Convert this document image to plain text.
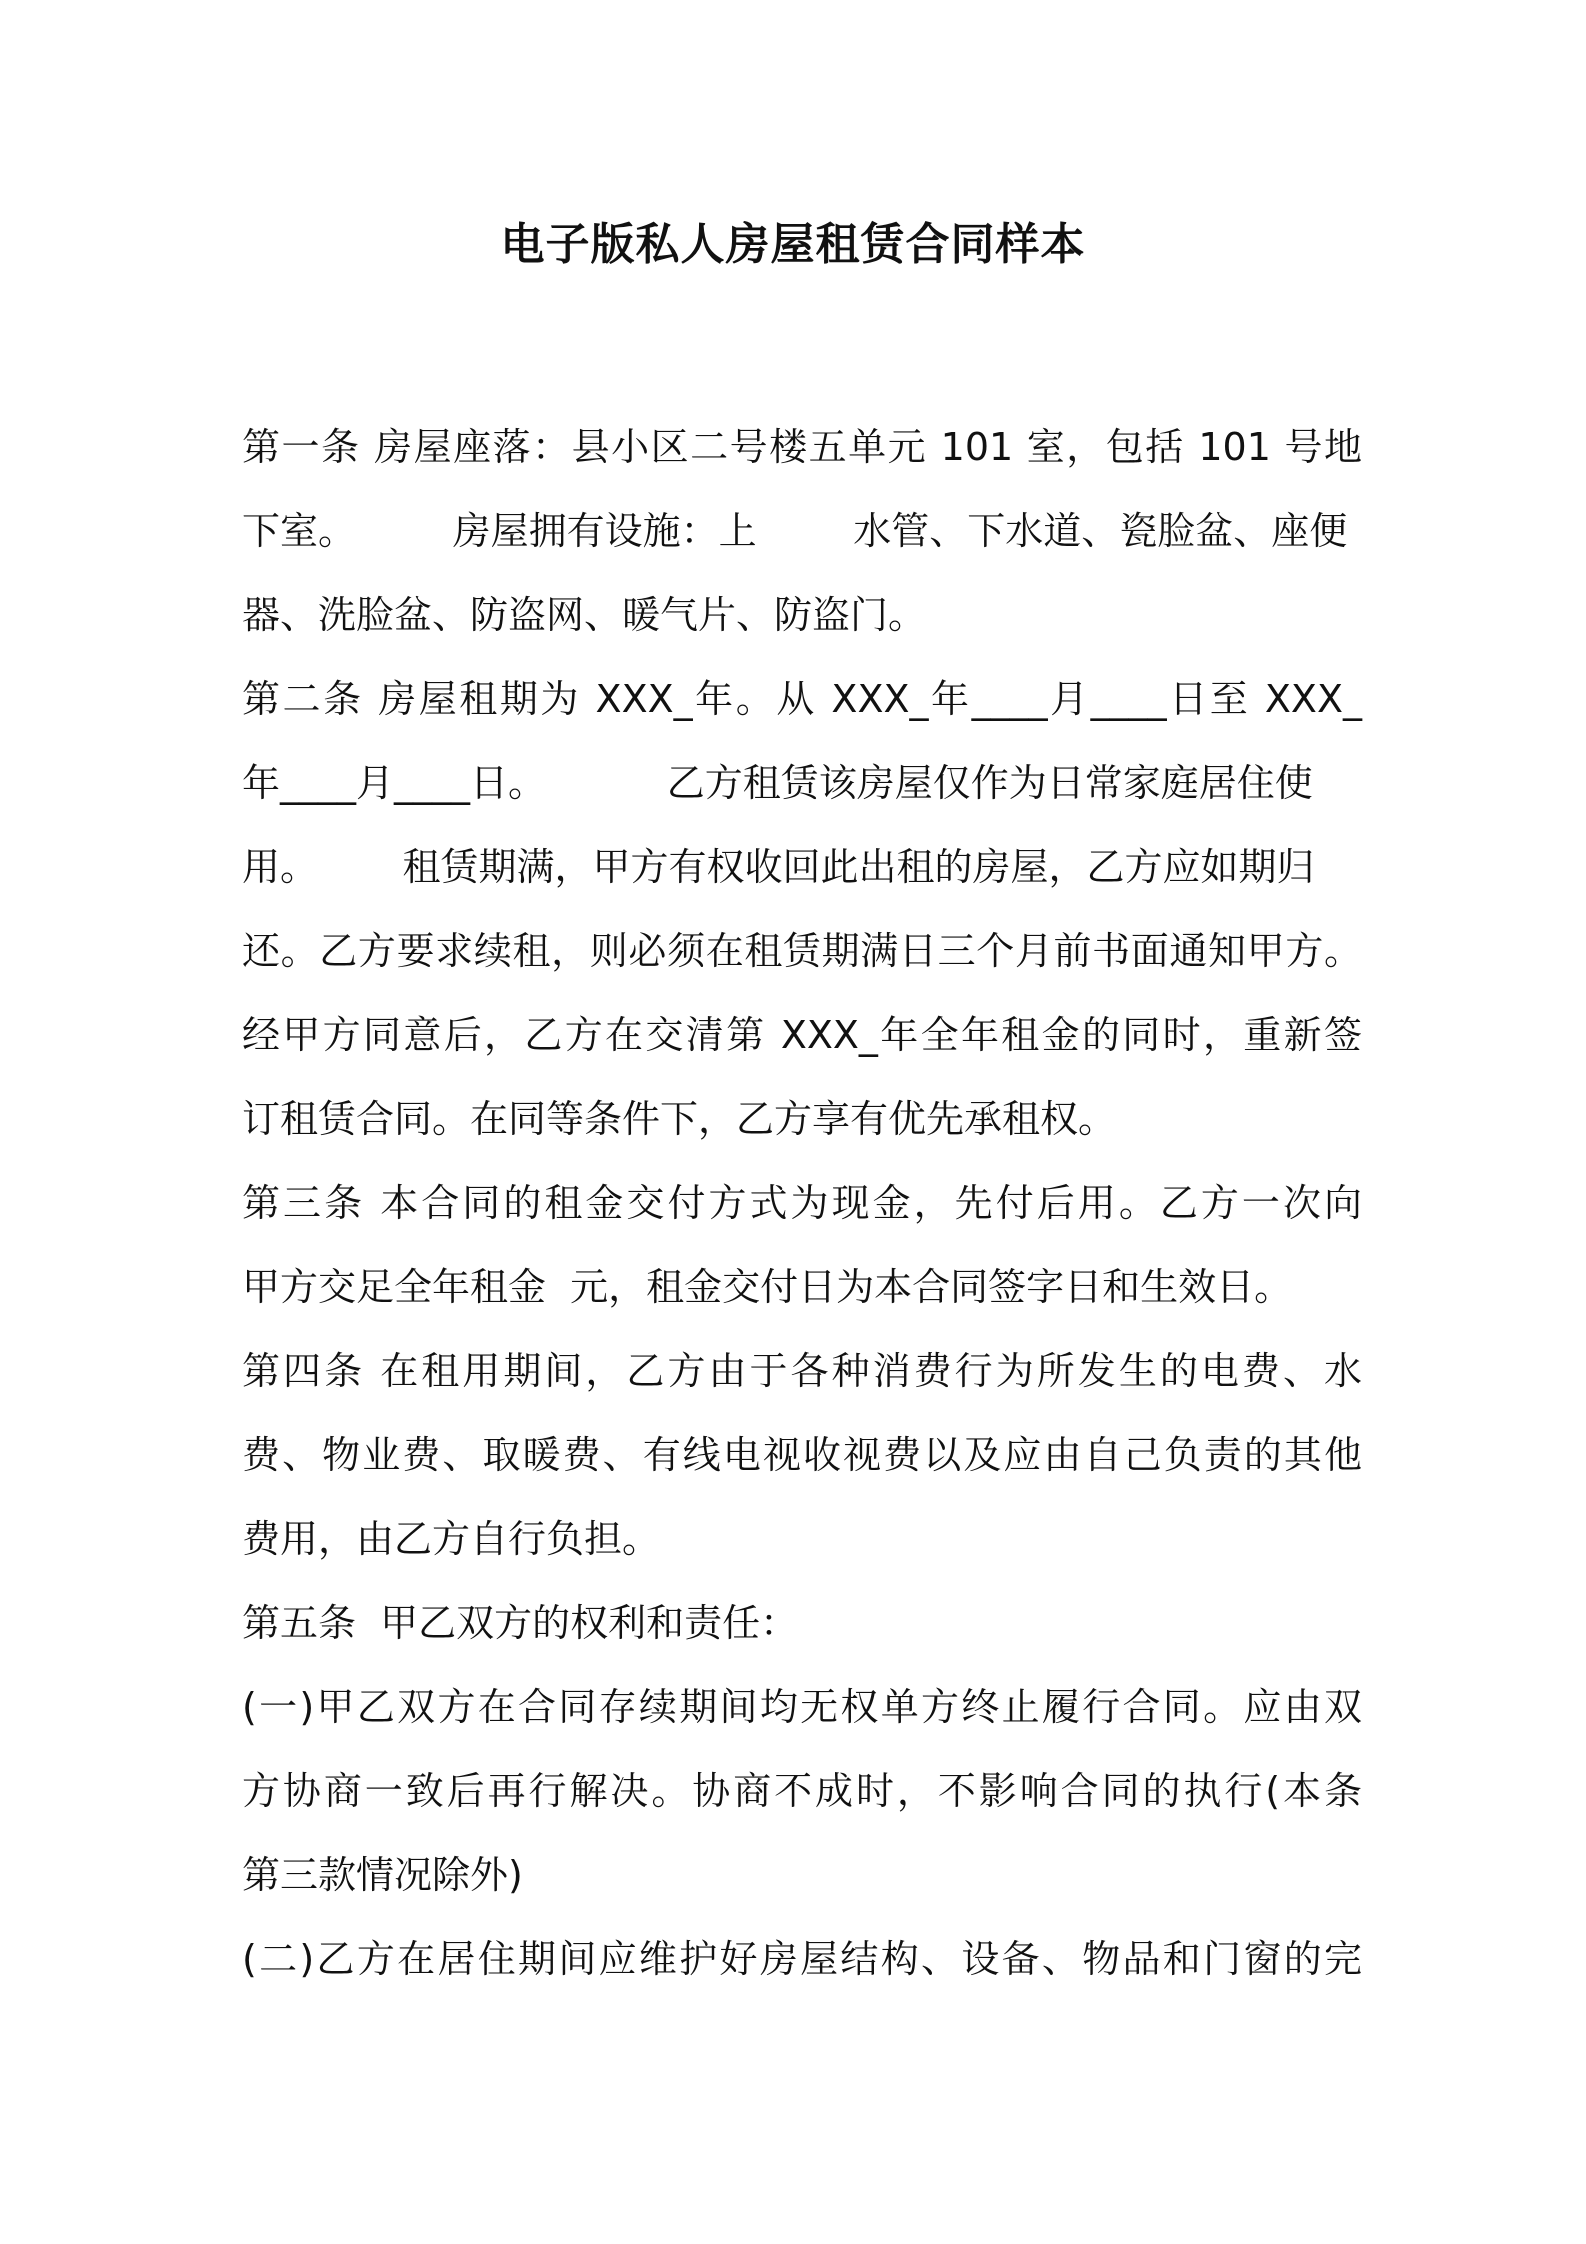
电子版私人房屋租赁合同样本
第一条 房屋座落：县小区二号楼五单元 101 室，包括 101 号地
下室。        房屋拥有设施：上        水管、下水道、瓷脸盆、座便
器、洗脸盆、防盗网、暖气片、防盗门。
第二条 房屋租期为 XXX_年。从 XXX_年____月____日至 XXX_
年____月____日。          乙方租赁该房屋仅作为日常家庭居住使
用。       租赁期满，甲方有权收回此出租的房屋，乙方应如期归
还。乙方要求续租，则必须在租赁期满日三个月前书面通知甲方。
经甲方同意后，乙方在交清第 XXX_年全年租金的同时，重新签
订租赁合同。在同等条件下，乙方享有优先承租权。
第三条 本合同的租金交付方式为现金，先付后用。乙方一次向
甲方交足全年租金  元，租金交付日为本合同签字日和生效日。
第四条 在租用期间，乙方由于各种消费行为所发生的电费、水
费、物业费、取暖费、有线电视收视费以及应由自己负责的其他
费用，由乙方自行负担。
第五条  甲乙双方的权利和责任：
(一)甲乙双方在合同存续期间均无权单方终止履行合同。应由双
方协商一致后再行解决。协商不成时，不影响合同的执行(本条
第三款情况除外)
(二)乙方在居住期间应维护好房屋结构、设备、物品和门窗的完
